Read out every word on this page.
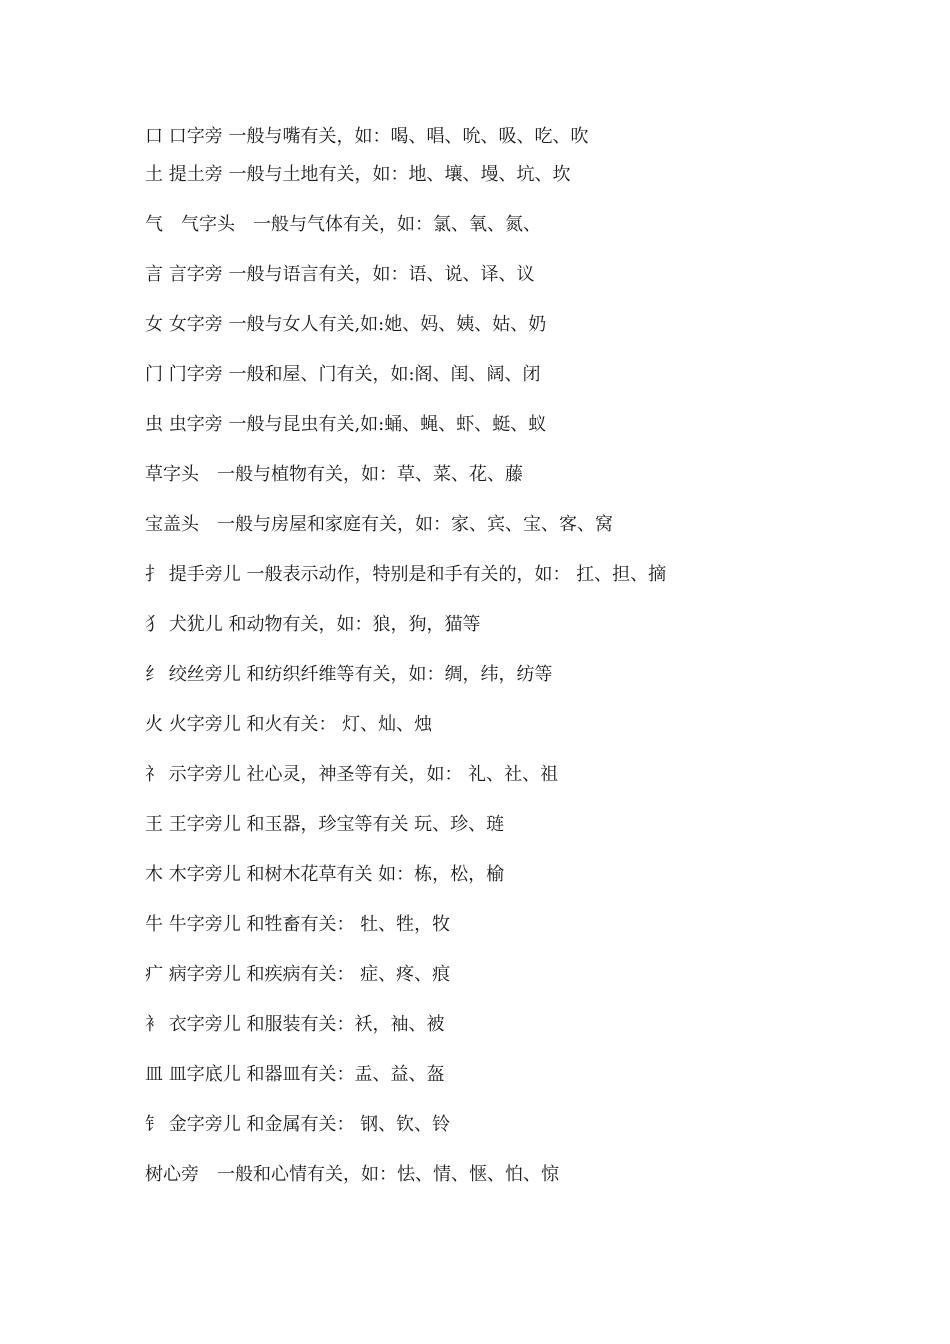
口 口字旁 一般与嘴有关，如：喝、唱、吮、吸、吃、吹

土 提土旁 一般与土地有关，如：地、壤、墁、坑、坎

气　气字头　一般与气体有关，如：氯、氧、氮、

言 言字旁 一般与语言有关，如：语、说、译、议

女 女字旁 一般与女人有关,如:她、妈、姨、姑、奶

门 门字旁 一般和屋、门有关，如:阁、闺、阔、闭

虫 虫字旁 一般与昆虫有关,如:蛹、蝇、虾、蜓、蚁

草字头　一般与植物有关，如：草、菜、花、藤

宝盖头　一般与房屋和家庭有关，如：家、宾、宝、客、窝

扌 提手旁儿 一般表示动作，特别是和手有关的，如： 扛、担、摘

犭 犬犹儿 和动物有关，如：狼，狗，猫等

纟 绞丝旁儿 和纺织纤维等有关，如：绸，纬，纺等

火 火字旁儿 和火有关： 灯、灿、烛

礻 示字旁儿 社心灵，神圣等有关，如： 礼、社、祖

王 王字旁儿 和玉器，珍宝等有关 玩、珍、琏

木 木字旁儿 和树木花草有关 如：栋，松，榆

牛 牛字旁儿 和牲畜有关： 牡、牲，牧

疒 病字旁儿 和疾病有关： 症、疼、痕

衤 衣字旁儿 和服装有关：袄，袖、被

皿 皿字底儿 和器皿有关：盂、益、盔

钅 金字旁儿 和金属有关： 钢、钦、铃

树心旁　一般和心情有关，如：怯、情、惬、怕、惊
